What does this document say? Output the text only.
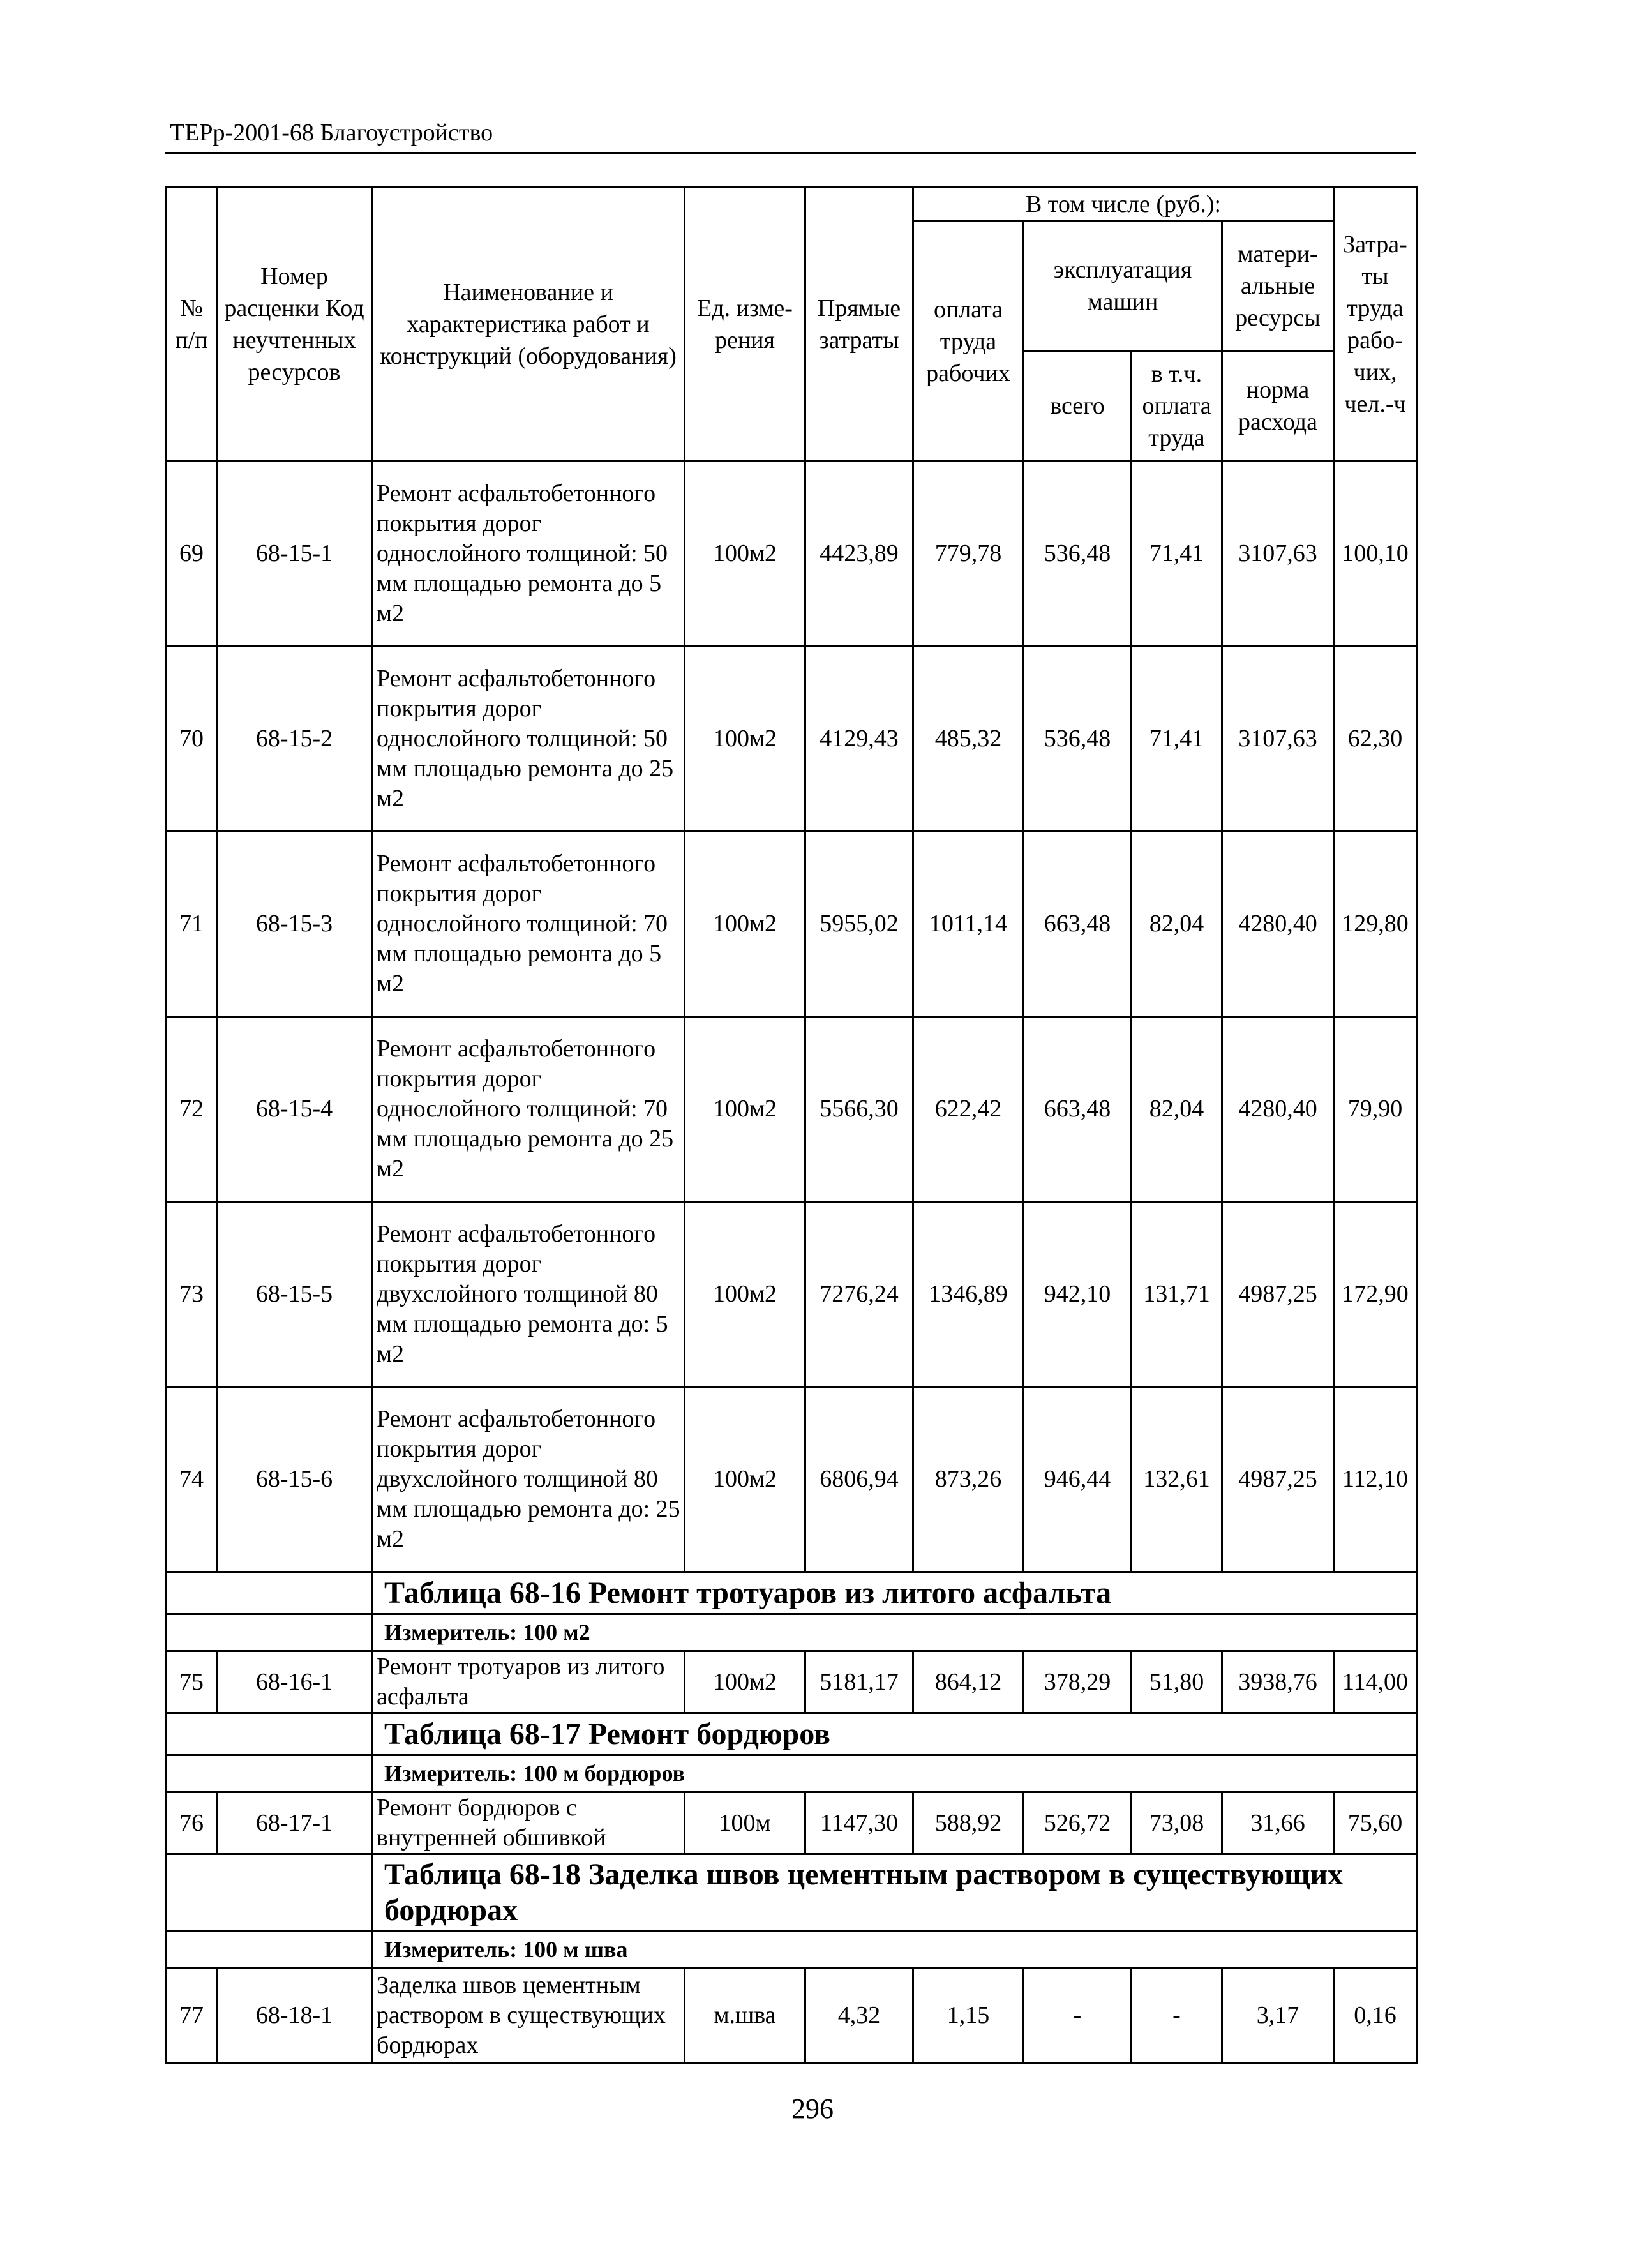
ТЕРр-2001-68 Благоустройство
№ п/п	Номер расценки Код неучтенных ресурсов	Наименование и характеристика работ и конструкций (оборудования)	Ед. изме-рения	Прямые затраты	В том числе (руб.):				Затра-ты труда рабо-чих, чел.-ч
					оплата труда рабочих	эксплуатация машин		матери-альные ресурсы	
						всего	в т.ч. оплата труда	норма расхода	
69	68-15-1	Ремонт асфальтобетонного покрытия дорог однослойного толщиной: 50 мм площадью ремонта до 5 м2	100м2	4423,89	779,78	536,48	71,41	3107,63	100,10
70	68-15-2	Ремонт асфальтобетонного покрытия дорог однослойного толщиной: 50 мм площадью ремонта до 25 м2	100м2	4129,43	485,32	536,48	71,41	3107,63	62,30
71	68-15-3	Ремонт асфальтобетонного покрытия дорог однослойного толщиной: 70 мм площадью ремонта до 5 м2	100м2	5955,02	1011,14	663,48	82,04	4280,40	129,80
72	68-15-4	Ремонт асфальтобетонного покрытия дорог однослойного толщиной: 70 мм площадью ремонта до 25 м2	100м2	5566,30	622,42	663,48	82,04	4280,40	79,90
73	68-15-5	Ремонт асфальтобетонного покрытия дорог двухслойного толщиной 80 мм площадью ремонта до: 5 м2	100м2	7276,24	1346,89	942,10	131,71	4987,25	172,90
74	68-15-6	Ремонт асфальтобетонного покрытия дорог двухслойного толщиной 80 мм площадью ремонта до: 25 м2	100м2	6806,94	873,26	946,44	132,61	4987,25	112,10
		Таблица 68-16 Ремонт тротуаров из литого асфальта							
		Измеритель: 100 м2							
75	68-16-1	Ремонт тротуаров из литого асфальта	100м2	5181,17	864,12	378,29	51,80	3938,76	114,00
		Таблица 68-17 Ремонт бордюров							
		Измеритель: 100 м бордюров							
76	68-17-1	Ремонт бордюров с внутренней обшивкой	100м	1147,30	588,92	526,72	73,08	31,66	75,60
		Таблица 68-18 Заделка швов цементным раствором в существующих бордюрах							
		Измеритель: 100 м шва							
77	68-18-1	Заделка швов цементным раствором в существующих бордюрах	м.шва	4,32	1,15	-	-	3,17	0,16
296
